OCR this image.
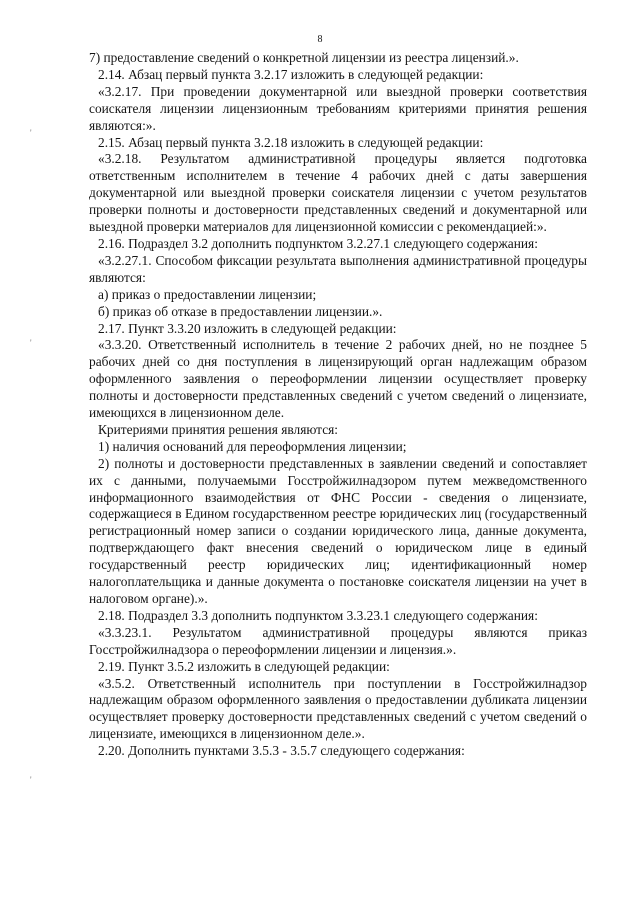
8
'
'
'

7) предоставление сведений о конкретной лицензии из реестра лицензий.».

2.14. Абзац первый пункта 3.2.17 изложить в следующей редакции:

«3.2.17. При проведении документарной или выездной проверки соответствия соискателя лицензии лицензионным требованиям критериями принятия решения являются:».

2.15. Абзац первый пункта 3.2.18 изложить в следующей редакции:

«3.2.18. Результатом административной процедуры является подготовка ответственным исполнителем в течение 4 рабочих дней с даты завершения документарной или выездной проверки соискателя лицензии с учетом результатов проверки полноты и достоверности представленных сведений и документарной или выездной проверки материалов для лицензионной комиссии с рекомендацией:».

2.16. Подраздел 3.2 дополнить подпунктом 3.2.27.1 следующего содержания:

«3.2.27.1. Способом фиксации результата выполнения административной процедуры являются:

а) приказ о предоставлении лицензии;

б) приказ об отказе в предоставлении лицензии.».

2.17. Пункт 3.3.20 изложить в следующей редакции:

«3.3.20. Ответственный исполнитель в течение 2 рабочих дней, но не позднее 5 рабочих дней со дня поступления в лицензирующий орган надлежащим образом оформленного заявления о переоформлении лицензии осуществляет проверку полноты и достоверности представленных сведений с учетом сведений о лицензиате, имеющихся в лицензионном деле.

Критериями принятия решения являются:

1) наличия оснований для переоформления лицензии;

2) полноты и достоверности представленных в заявлении сведений и сопоставляет их с данными, получаемыми Госстройжилнадзором путем межведомственного информационного взаимодействия от ФНС России - сведения о лицензиате, содержащиеся в Едином государственном реестре юридических лиц (государственный регистрационный номер записи о создании юридического лица, данные документа, подтверждающего факт внесения сведений о юридическом лице в единый государственный реестр юридических лиц; идентификационный номер налогоплательщика и данные документа о постановке соискателя лицензии на учет в налоговом органе).».

2.18. Подраздел 3.3 дополнить подпунктом 3.3.23.1 следующего содержания:

«3.3.23.1. Результатом административной процедуры являются приказ Госстройжилнадзора о переоформлении лицензии и лицензия.».

2.19. Пункт 3.5.2 изложить в следующей редакции:

«3.5.2. Ответственный исполнитель при поступлении в Госстройжилнадзор надлежащим образом оформленного заявления о предоставлении дубликата лицензии осуществляет проверку достоверности представленных сведений с учетом сведений о лицензиате, имеющихся в лицензионном деле.».

2.20. Дополнить пунктами 3.5.3 - 3.5.7 следующего содержания:
